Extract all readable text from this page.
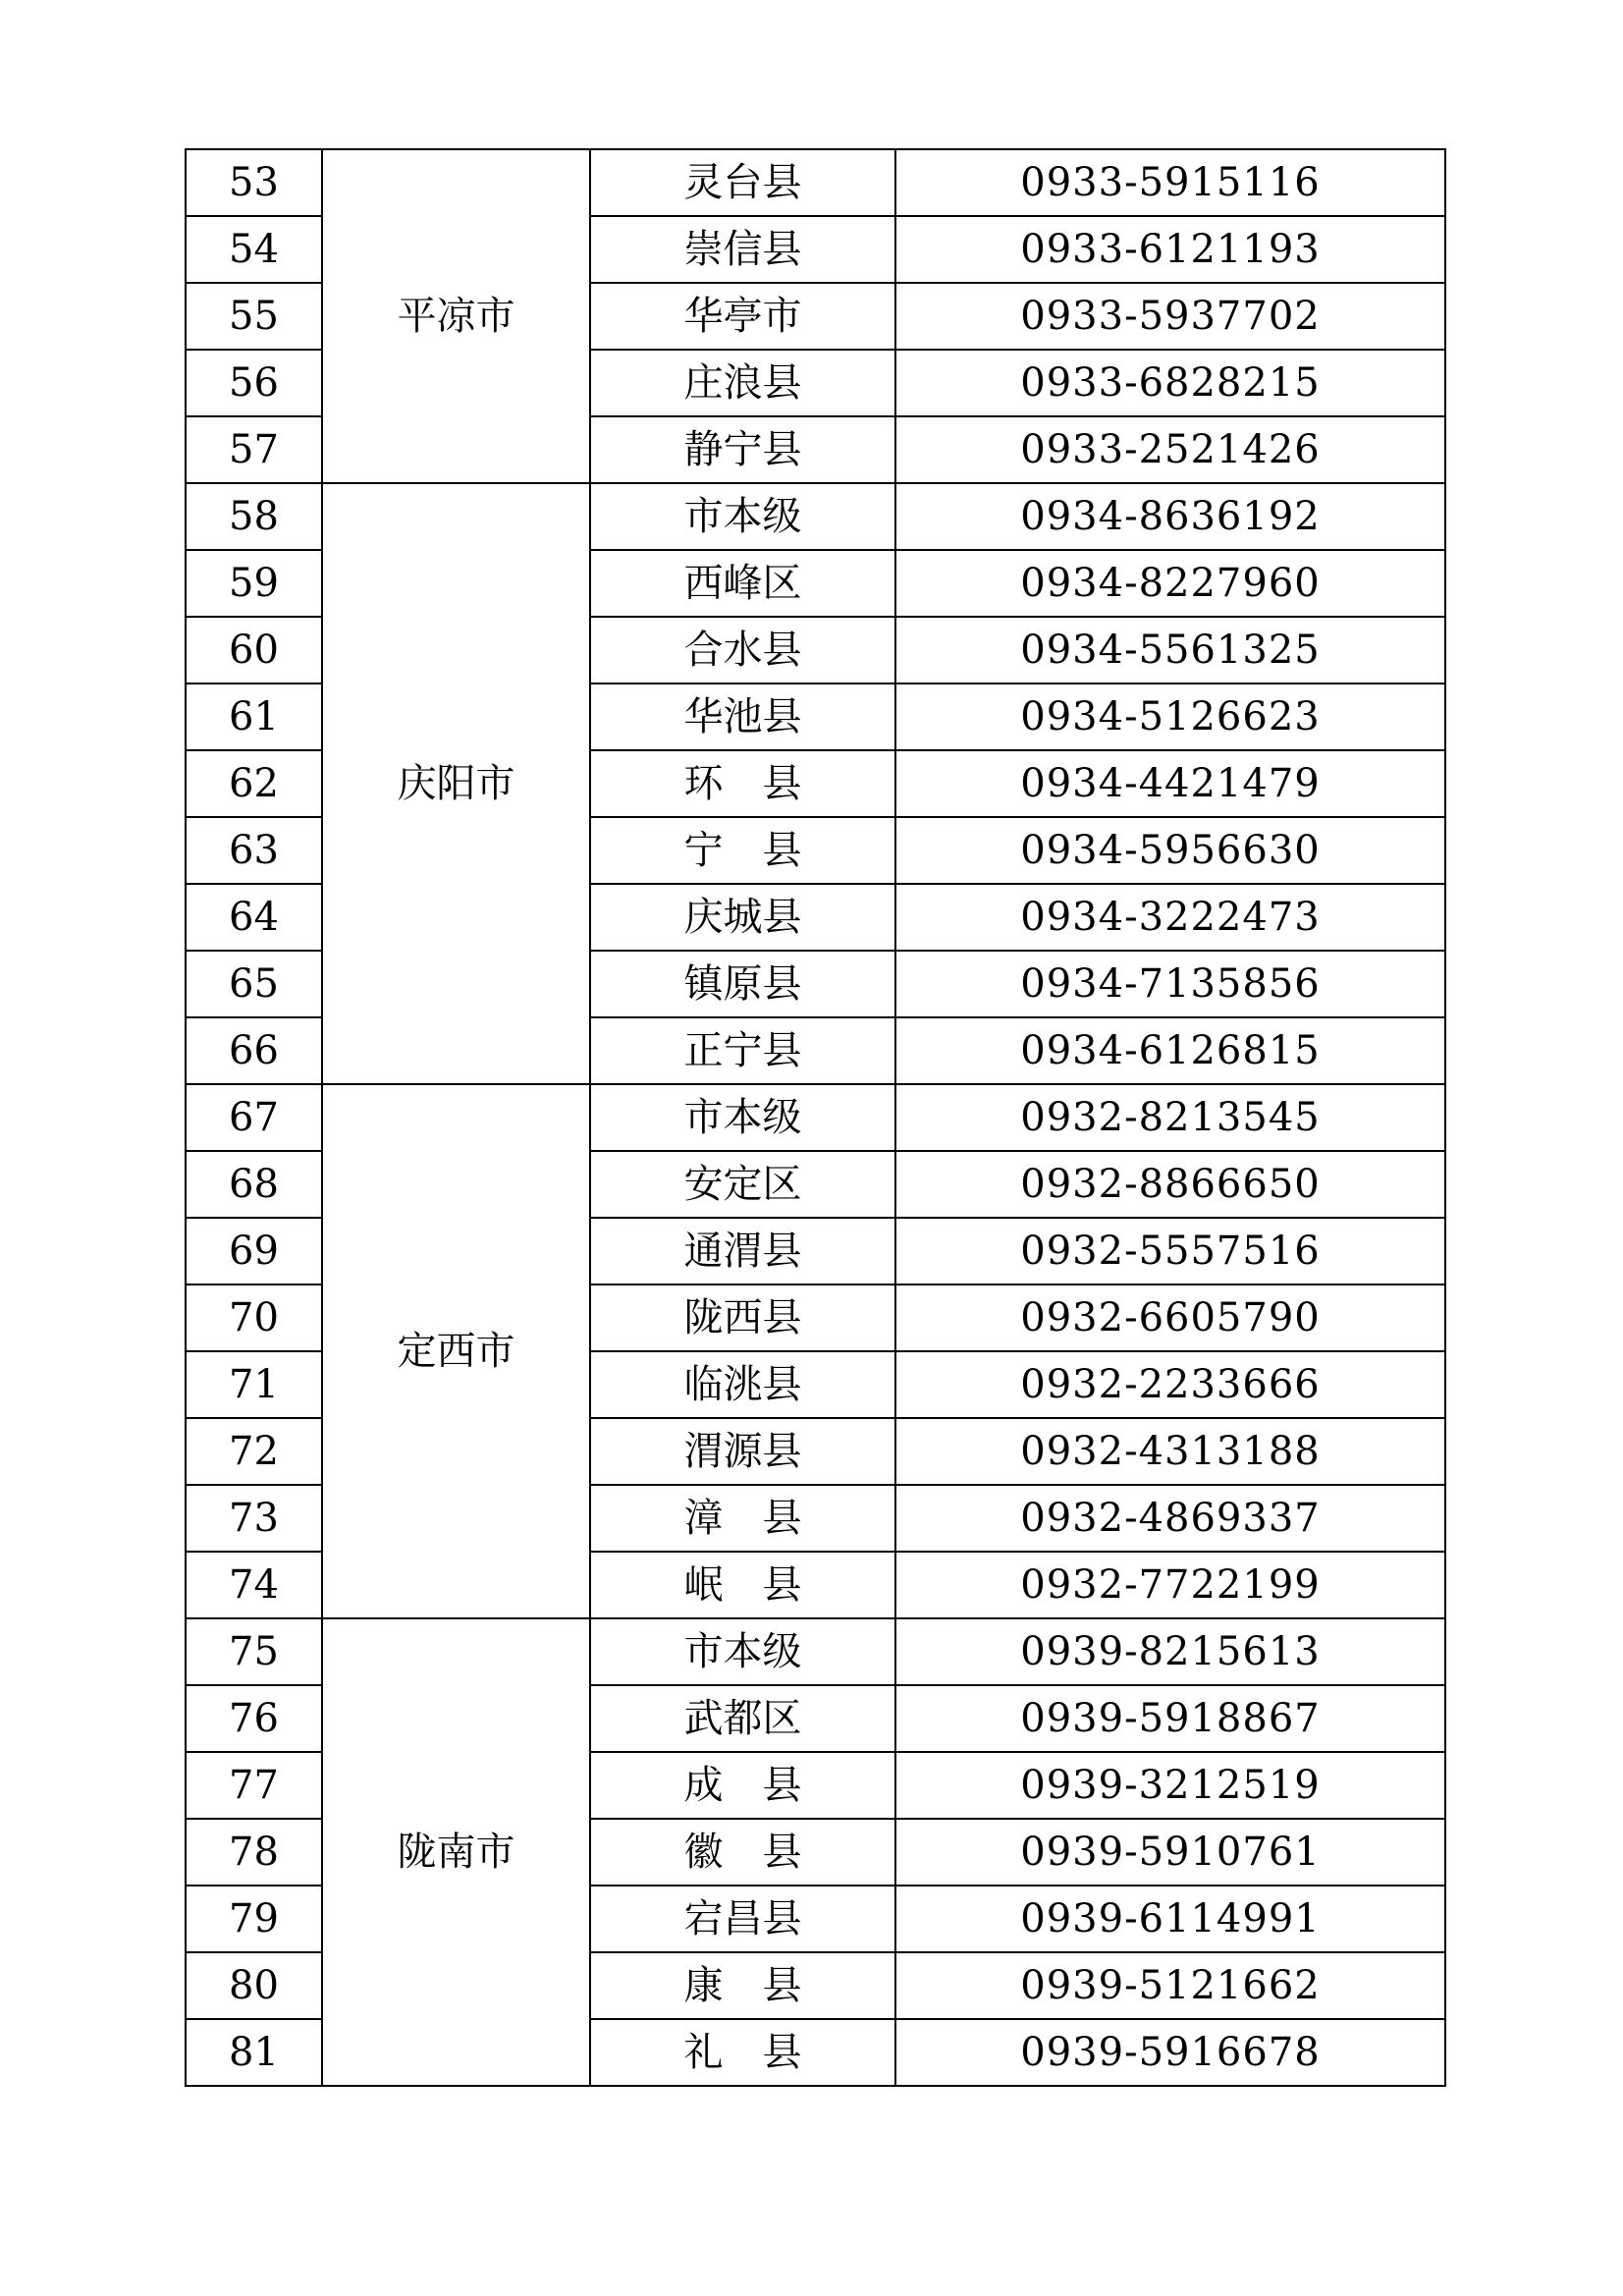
53	平凉市	灵台县	0933-5915116
54		崇信县	0933-6121193
55		华亭市	0933-5937702
56		庄浪县	0933-6828215
57		静宁县	0933-2521426
58	庆阳市	市本级	0934-8636192
59		西峰区	0934-8227960
60		合水县	0934-5561325
61		华池县	0934-5126623
62		环　县	0934-4421479
63		宁　县	0934-5956630
64		庆城县	0934-3222473
65		镇原县	0934-7135856
66		正宁县	0934-6126815
67	定西市	市本级	0932-8213545
68		安定区	0932-8866650
69		通渭县	0932-5557516
70		陇西县	0932-6605790
71		临洮县	0932-2233666
72		渭源县	0932-4313188
73		漳　县	0932-4869337
74		岷　县	0932-7722199
75	陇南市	市本级	0939-8215613
76		武都区	0939-5918867
77		成　县	0939-3212519
78		徽　县	0939-5910761
79		宕昌县	0939-6114991
80		康　县	0939-5121662
81		礼　县	0939-5916678
